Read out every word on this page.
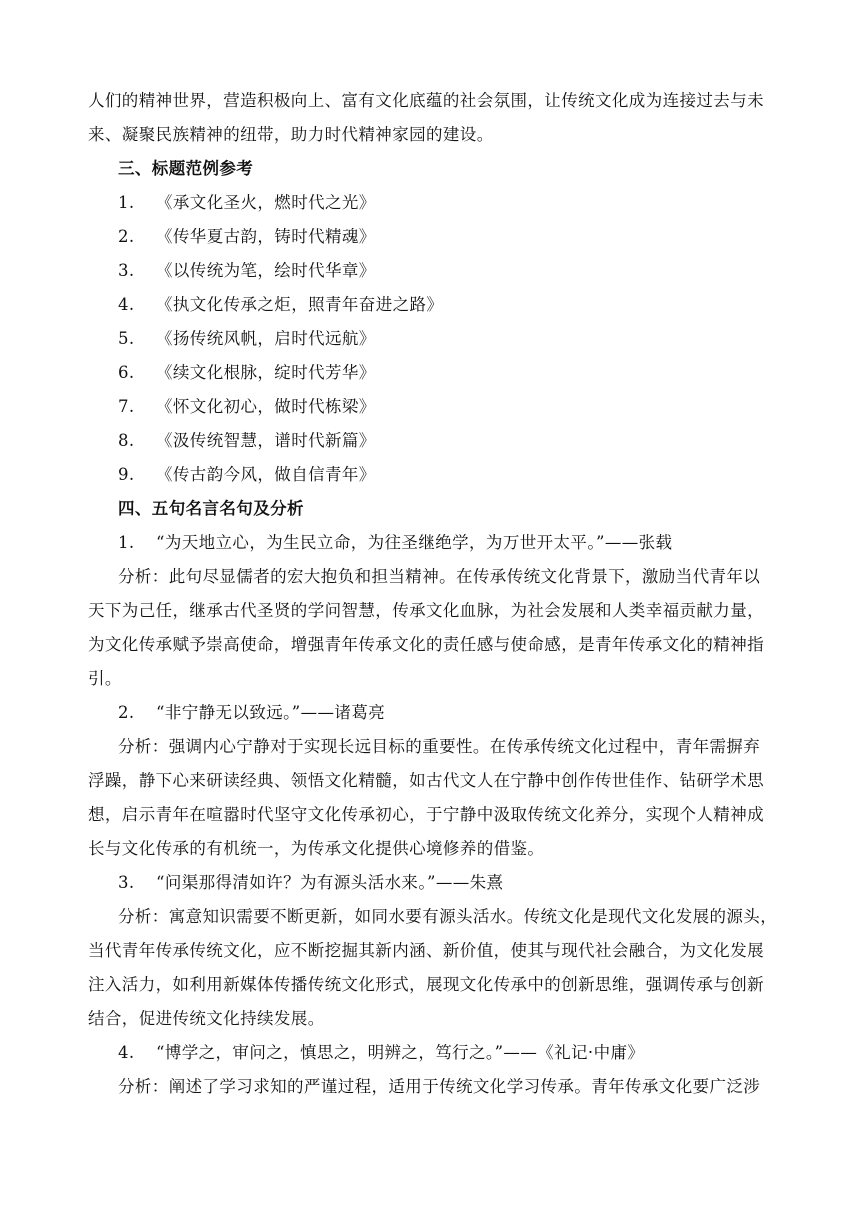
人们的精神世界，营造积极向上、富有文化底蕴的社会氛围，让传统文化成为连接过去与未
来、凝聚民族精神的纽带，助力时代精神家园的建设。
三、标题范例参考
1. 《承文化圣火，燃时代之光》
2. 《传华夏古韵，铸时代精魂》
3. 《以传统为笔，绘时代华章》
4. 《执文化传承之炬，照青年奋进之路》
5. 《扬传统风帆，启时代远航》
6. 《续文化根脉，绽时代芳华》
7. 《怀文化初心，做时代栋梁》
8. 《汲传统智慧，谱时代新篇》
9. 《传古韵今风，做自信青年》
四、五句名言名句及分析
1. “为天地立心，为生民立命，为往圣继绝学，为万世开太平。”——张载
分析：此句尽显儒者的宏大抱负和担当精神。在传承传统文化背景下，激励当代青年以
天下为己任，继承古代圣贤的学问智慧，传承文化血脉，为社会发展和人类幸福贡献力量，
为文化传承赋予崇高使命，增强青年传承文化的责任感与使命感，是青年传承文化的精神指
引。
2. “非宁静无以致远。”——诸葛亮
分析：强调内心宁静对于实现长远目标的重要性。在传承传统文化过程中，青年需摒弃
浮躁，静下心来研读经典、领悟文化精髓，如古代文人在宁静中创作传世佳作、钻研学术思
想，启示青年在喧嚣时代坚守文化传承初心，于宁静中汲取传统文化养分，实现个人精神成
长与文化传承的有机统一，为传承文化提供心境修养的借鉴。
3. “问渠那得清如许？为有源头活水来。”——朱熹
分析：寓意知识需要不断更新，如同水要有源头活水。传统文化是现代文化发展的源头，
当代青年传承传统文化，应不断挖掘其新内涵、新价值，使其与现代社会融合，为文化发展
注入活力，如利用新媒体传播传统文化形式，展现文化传承中的创新思维，强调传承与创新
结合，促进传统文化持续发展。
4. “博学之，审问之，慎思之，明辨之，笃行之。”——《礼记·中庸》
分析：阐述了学习求知的严谨过程，适用于传统文化学习传承。青年传承文化要广泛涉
